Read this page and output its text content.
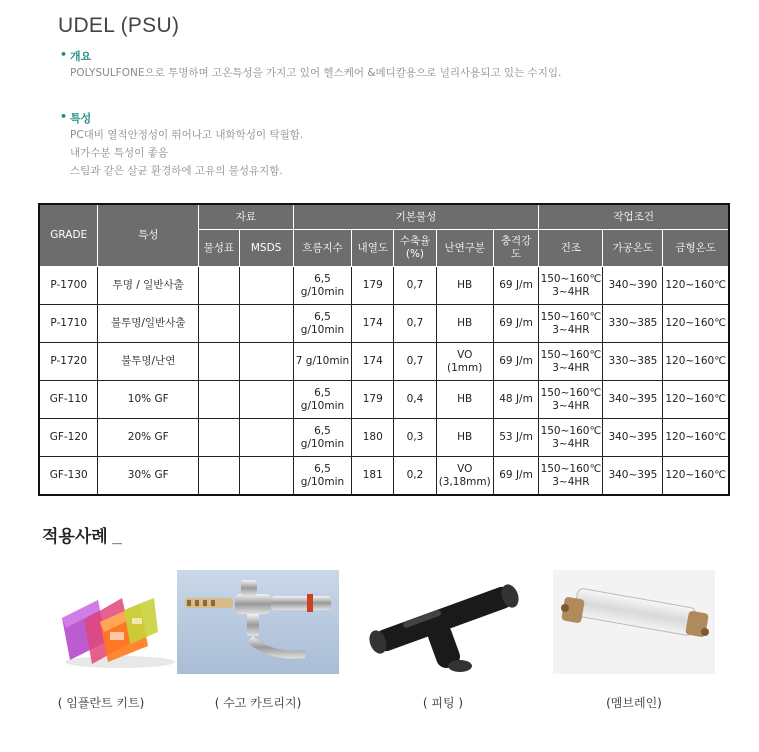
UDEL (PSU)
• 개요
POLYSULFONE으로 투명하며 고온특성을 가지고 있어 헬스케어 &메디칼용으로 널리사용되고 있는 수지임.
• 특성
PC대비 열적안정성이 뛰어나고 내화학성이 탁월함.
내가수분 특성이 좋음
스팀과 같은 살균 환경하에 고유의 물성유지함.
GRADE	특성	자료		기본물성					작업조건		
		물성표	MSDS	흐름지수	내열도	수축율
(%)	난연구분	충격강
도	건조	가공온도	금형온도
P-1700	투명 / 일반사출			6,5
g/10min	179	0,7	HB	69 J/m	150~160℃
3~4HR	340~390	120~160℃
P-1710	불투명/일반사출			6,5
g/10min	174	0,7	HB	69 J/m	150~160℃
3~4HR	330~385	120~160℃
P-1720	불투명/난연			7 g/10min	174	0,7	VO (1mm)	69 J/m	150~160℃
3~4HR	330~385	120~160℃
GF-110	10% GF			6,5
g/10min	179	0,4	HB	48 J/m	150~160℃
3~4HR	340~395	120~160℃
GF-120	20% GF			6,5
g/10min	180	0,3	HB	53 J/m	150~160℃
3~4HR	340~395	120~160℃
GF-130	30% GF			6,5
g/10min	181	0,2	VO
(3,18mm)	69 J/m	150~160℃
3~4HR	340~395	120~160℃
적용사례 _
( 임플란트 키트)	( 수고 카트리지)	( 피팅 )	(멤브레인)
